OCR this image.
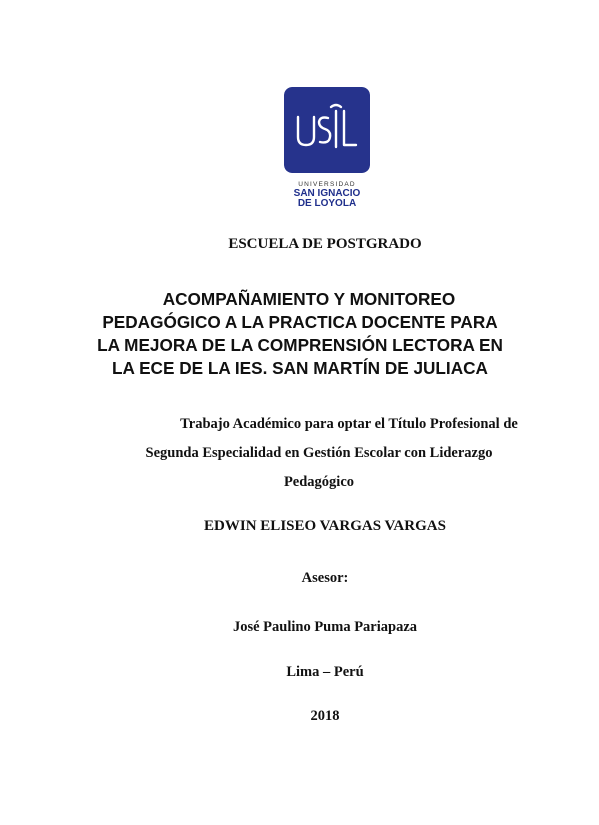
UNIVERSIDAD
SAN IGNACIO
DE LOYOLA
ESCUELA DE POSTGRADO
ACOMPAÑAMIENTO Y MONITOREO
PEDAGÓGICO A LA PRACTICA DOCENTE PARA
LA MEJORA DE LA COMPRENSIÓN LECTORA EN
LA ECE DE LA IES. SAN MARTÍN DE JULIACA
Trabajo Académico para optar el Título Profesional de
Segunda Especialidad en Gestión Escolar con Liderazgo
Pedagógico
EDWIN ELISEO VARGAS VARGAS
Asesor:
José Paulino Puma Pariapaza
Lima – Perú
2018
